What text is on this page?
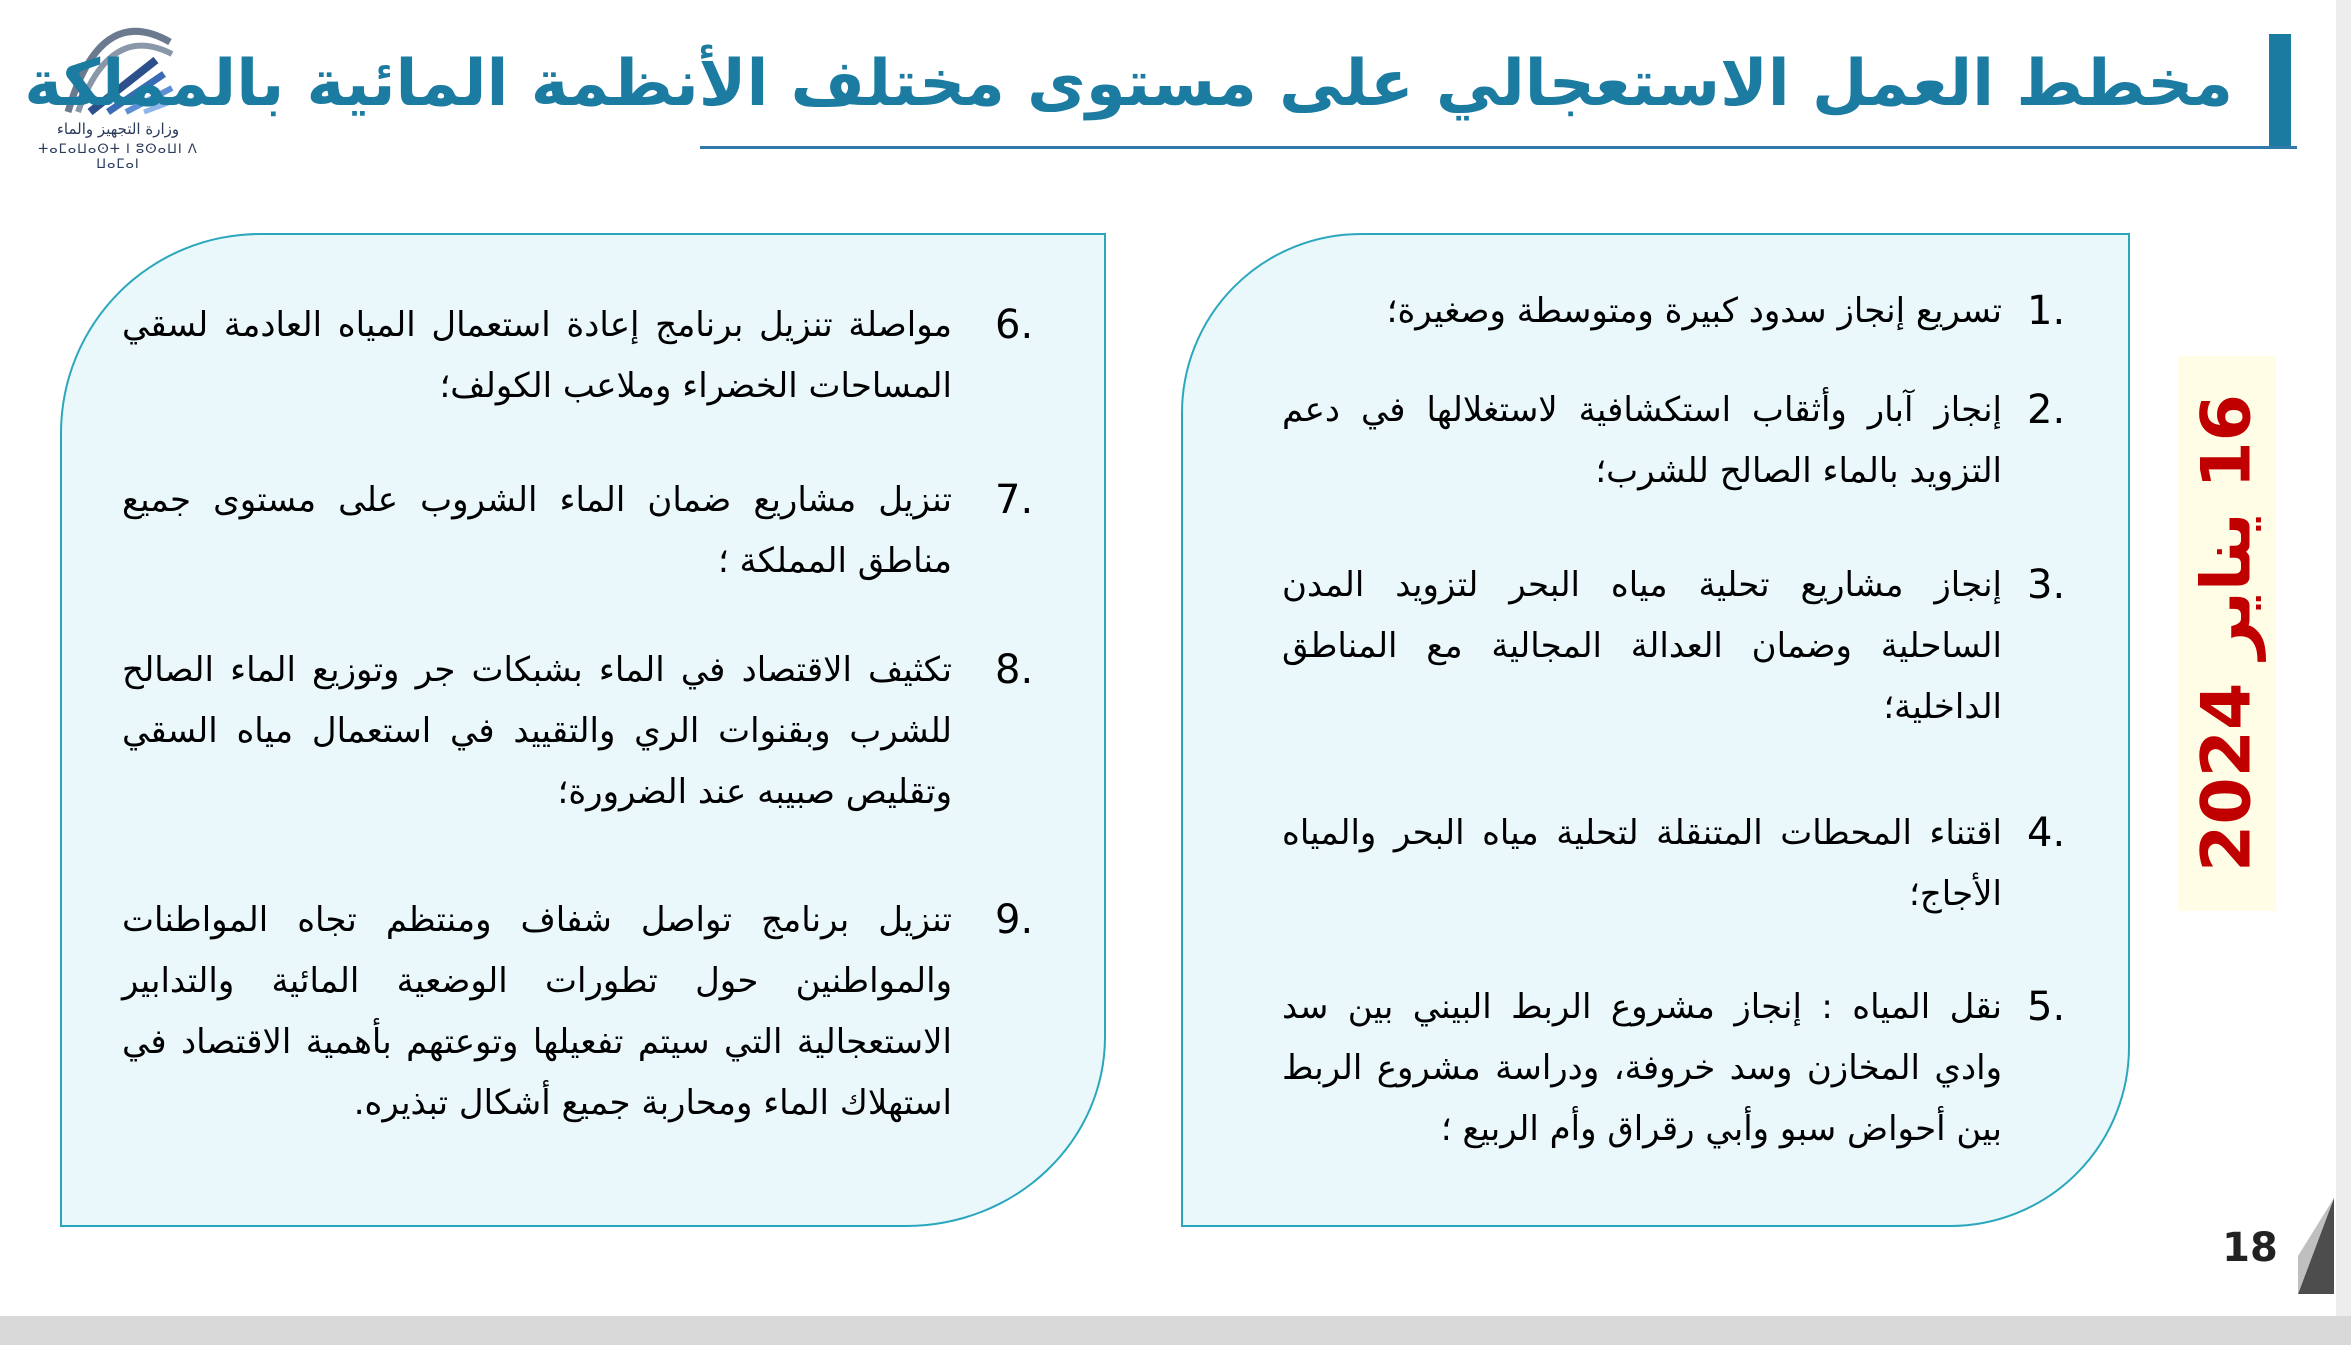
وزارة التجهيز والماء
ⵜⴰⵎⴰⵡⴰⵙⵜ ⵏ ⵓⵙⴰⵡⵏ ⴷ ⵡⴰⵎⴰⵏ
مخطط العمل الاستعجالي على مستوى مختلف الأنظمة المائية بالمملكة
تسريع إنجاز سدود كبيرة ومتوسطة وصغيرة؛ .1
إنجاز آبار وأثقاب استكشافية لاستغلالها في دعم التزويد بالماء الصالح للشرب؛
.2
إنجاز مشاريع تحلية مياه البحر لتزويد المدن الساحلية وضمان العدالة المجالية مع المناطق الداخلية؛
.3
اقتناء المحطات المتنقلة لتحلية مياه البحر والمياه الأجاج؛
.4
نقل المياه : إنجاز مشروع الربط البيني بين سد وادي المخازن وسد خروفة، ودراسة مشروع الربط بين أحواض سبو وأبي رقراق وأم الربيع ؛
.5
مواصلة تنزيل برنامج إعادة استعمال المياه العادمة لسقي المساحات الخضراء وملاعب الكولف؛
.6
تنزيل مشاريع ضمان الماء الشروب على مستوى جميع مناطق المملكة ؛
.7
تكثيف الاقتصاد في الماء بشبكات جر وتوزيع الماء الصالح للشرب وبقنوات الري والتقييد في استعمال مياه السقي وتقليص صبيبه عند الضرورة؛
.8
تنزيل برنامج تواصل شفاف ومنتظم تجاه المواطنات والمواطنين حول تطورات الوضعية المائية والتدابير الاستعجالية التي سيتم تفعيلها وتوعتهم بأهمية الاقتصاد في استهلاك الماء ومحاربة جميع أشكال تبذيره.
.9
16 يناير 2024
18
